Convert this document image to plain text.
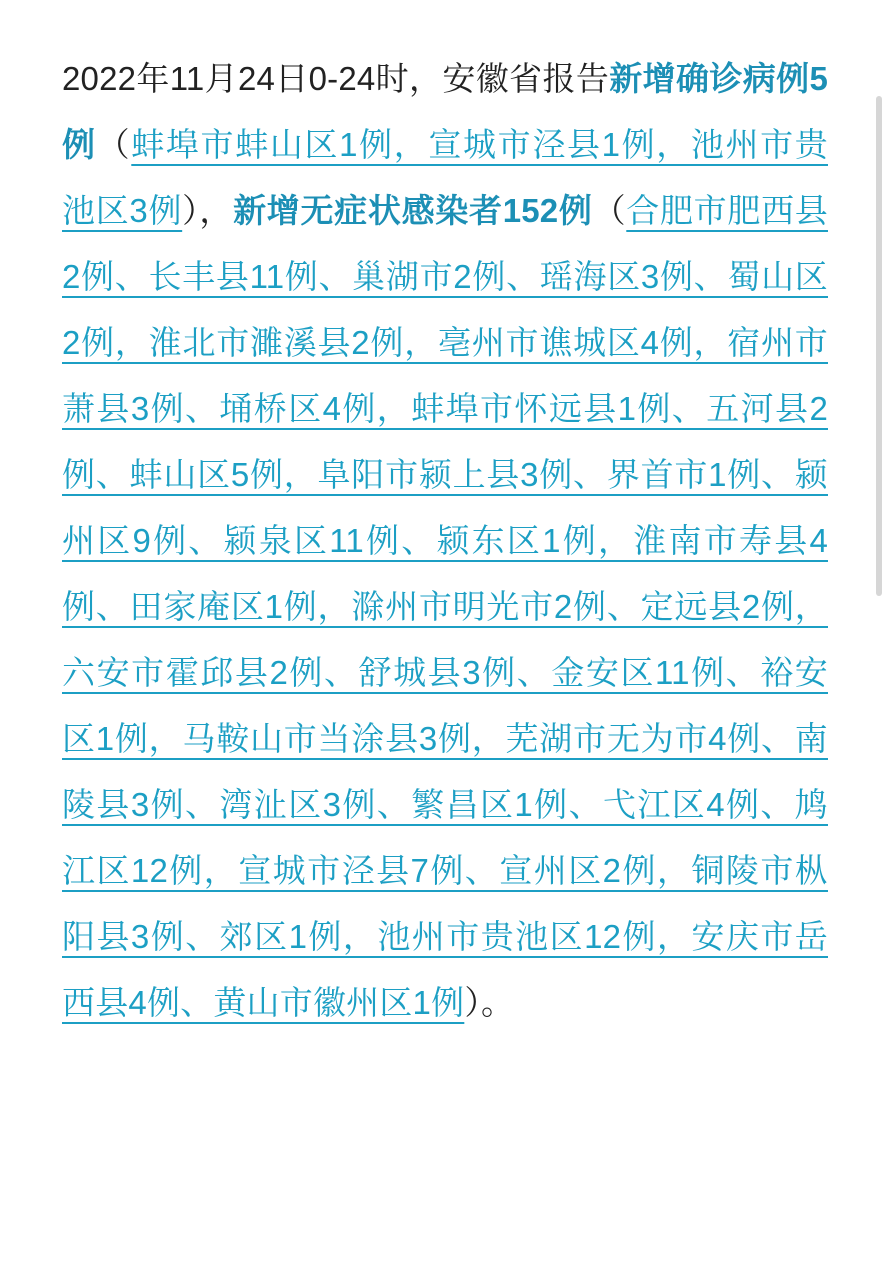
2022年11月24日0-24时，安徽省报告新增确诊病例5例（蚌埠市蚌山区1例，宣城市泾县1例，池州市贵池区3例），新增无症状感染者152例（合肥市肥西县2例、长丰县11例、巢湖市2例、瑶海区3例、蜀山区2例，淮北市濉溪县2例，亳州市谯城区4例，宿州市萧县3例、埇桥区4例，蚌埠市怀远县1例、五河县2例、蚌山区5例，阜阳市颍上县3例、界首市1例、颍州区9例、颍泉区11例、颍东区1例，淮南市寿县4例、田家庵区1例，滁州市明光市2例、定远县2例，六安市霍邱县2例、舒城县3例、金安区11例、裕安区1例，马鞍山市当涂县3例，芜湖市无为市4例、南陵县3例、湾沚区3例、繁昌区1例、弋江区4例、鸠江区12例，宣城市泾县7例、宣州区2例，铜陵市枞阳县3例、郊区1例，池州市贵池区12例，安庆市岳西县4例、黄山市徽州区1例）。
